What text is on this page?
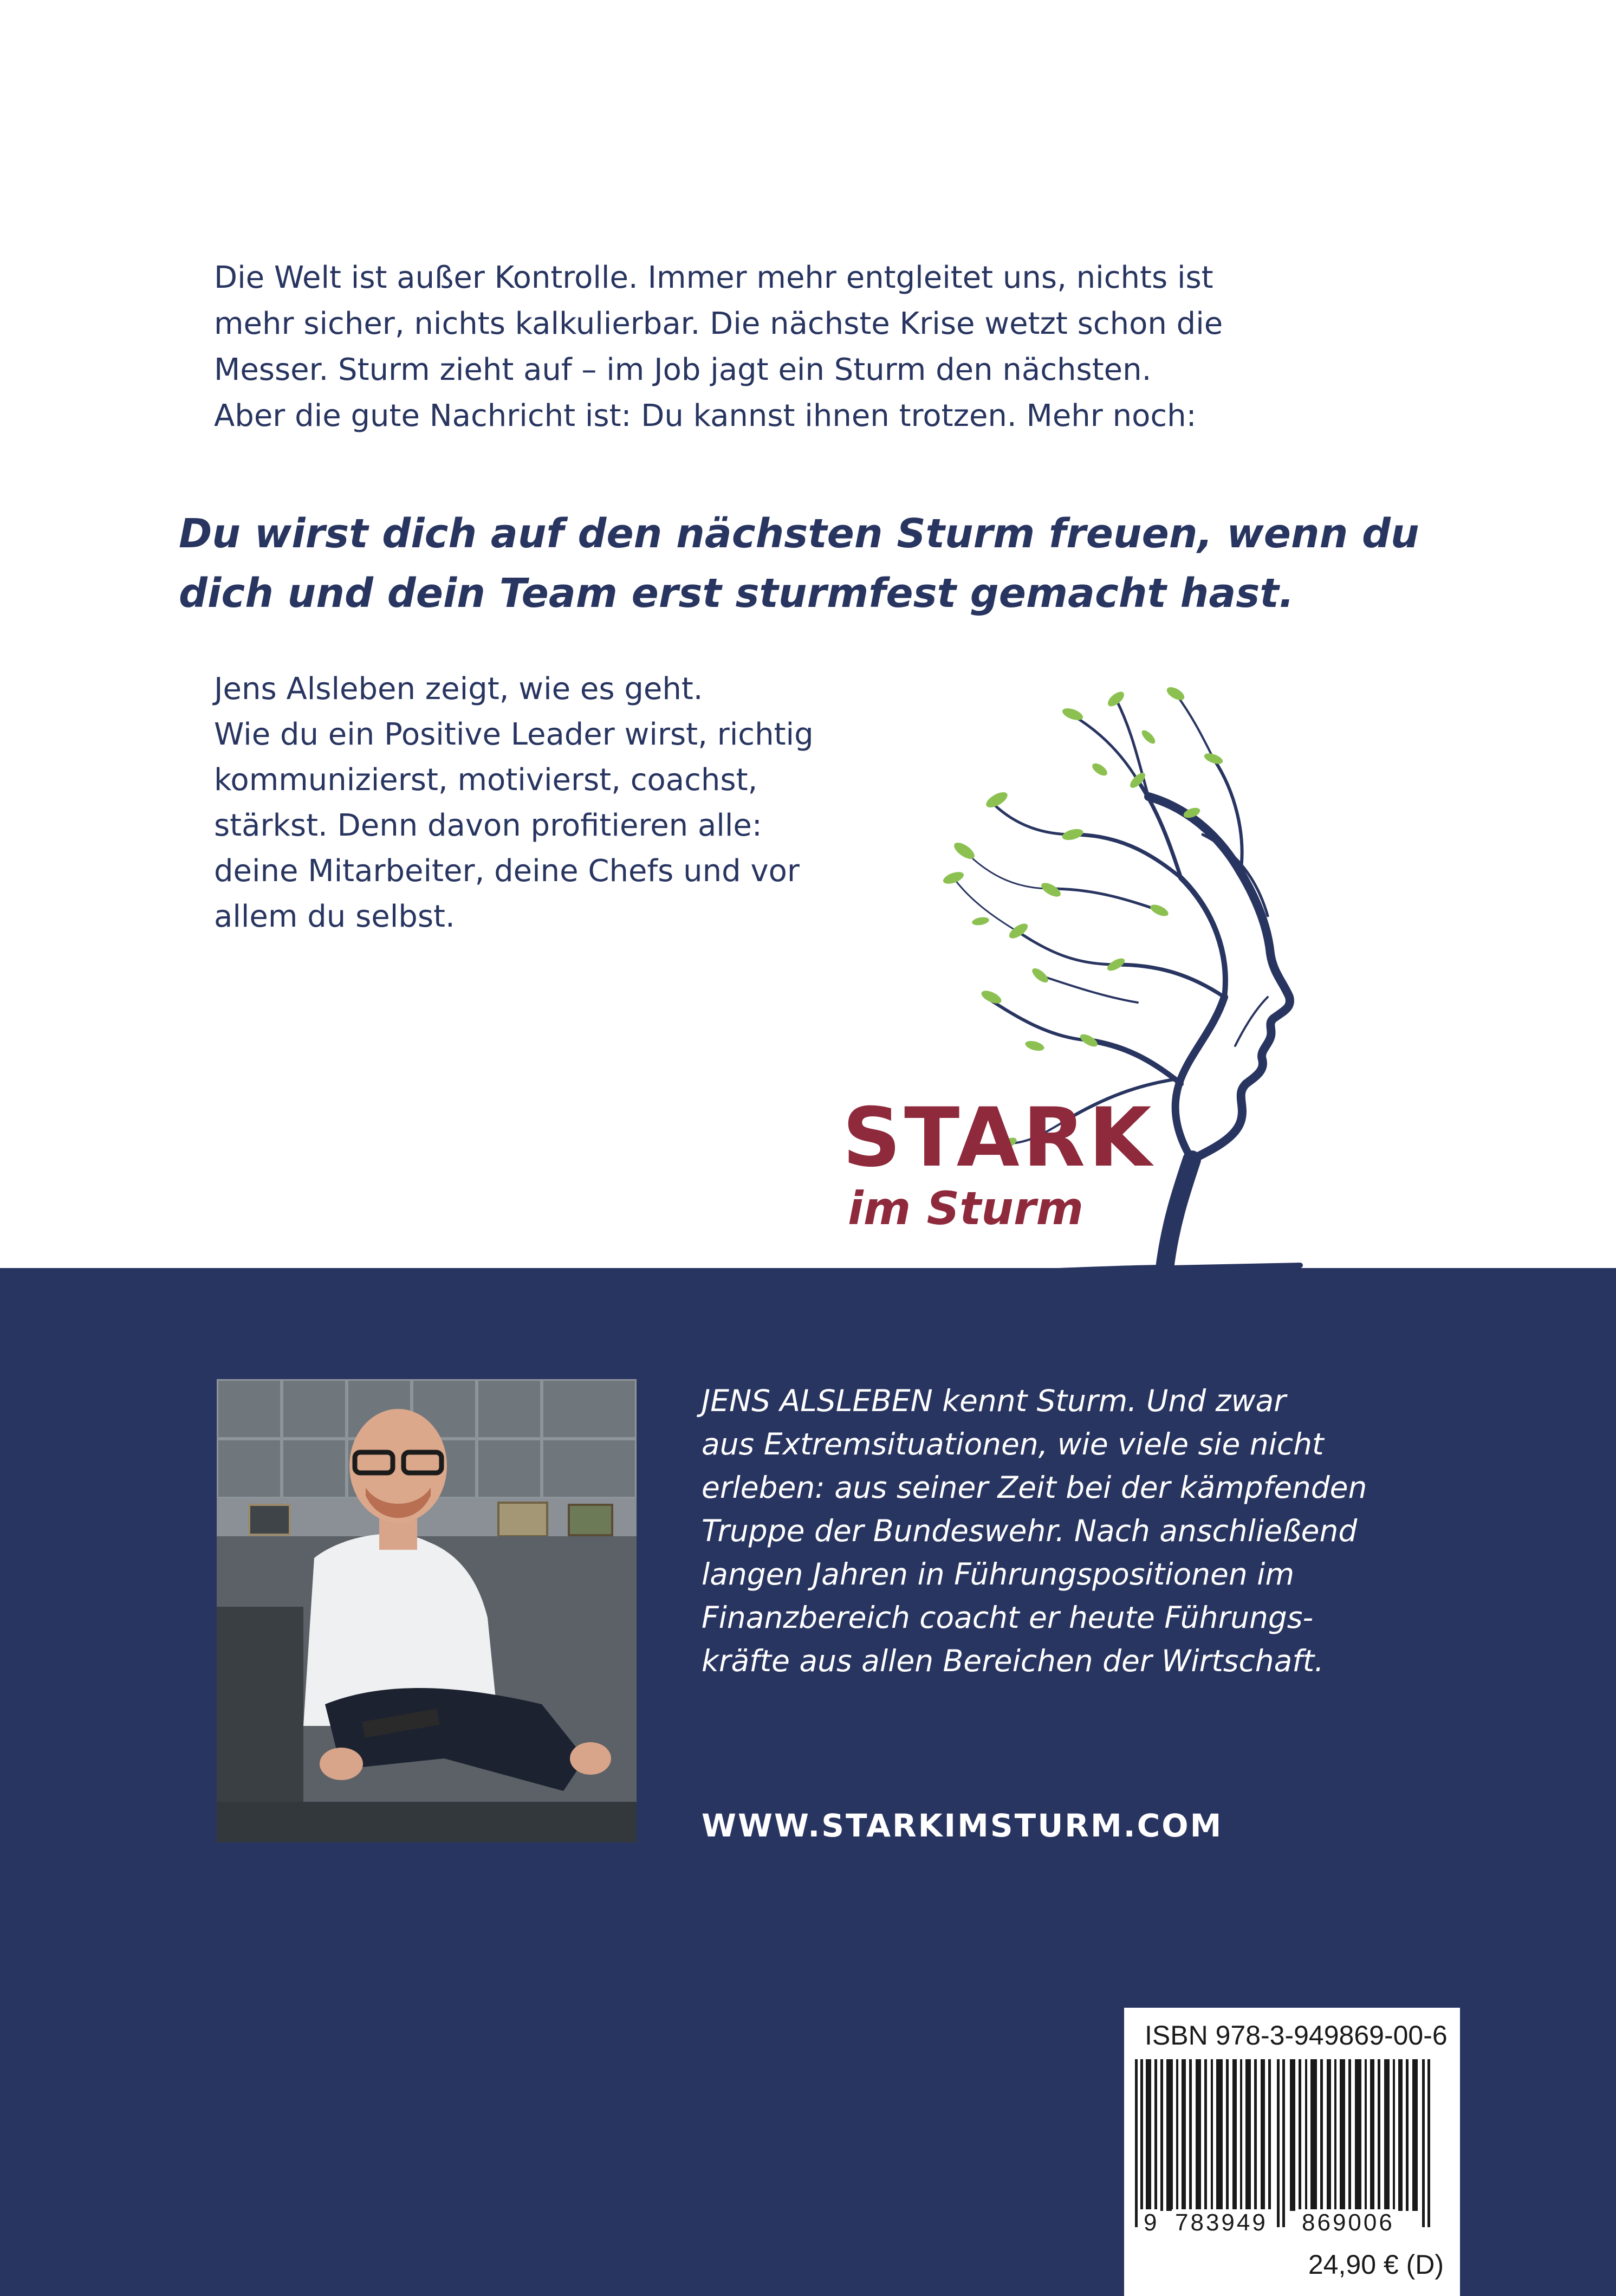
Die Welt ist außer Kontrolle. Immer mehr entgleitet uns, nichts ist

mehr sicher, nichts kalkulierbar. Die nächste Krise wetzt schon die

Messer. Sturm zieht auf – im Job jagt ein Sturm den nächsten.

Aber die gute Nachricht ist: Du kannst ihnen trotzen. Mehr noch:

Du wirst dich auf den nächsten Sturm freuen, wenn du

dich und dein Team erst sturmfest gemacht hast.

Jens Alsleben zeigt, wie es geht.

Wie du ein Positive Leader wirst, richtig

kommunizierst, motivierst, coachst,

stärkst. Denn davon profitieren alle:

deine Mitarbeiter, deine Chefs und vor

allem du selbst.

STARK
im Sturm

JENS ALSLEBEN kennt Sturm. Und zwar

aus Extremsituationen, wie viele sie nicht

erleben: aus seiner Zeit bei der kämpfenden

Truppe der Bundeswehr. Nach anschließend

langen Jahren in Führungspositionen im

Finanzbereich coacht er heute Führungs-

kräfte aus allen Bereichen der Wirtschaft.

WWW.STARKIMSTURM.COM
ISBN 978-3-949869-00-6
9 783949 869006
24,90 € (D)
